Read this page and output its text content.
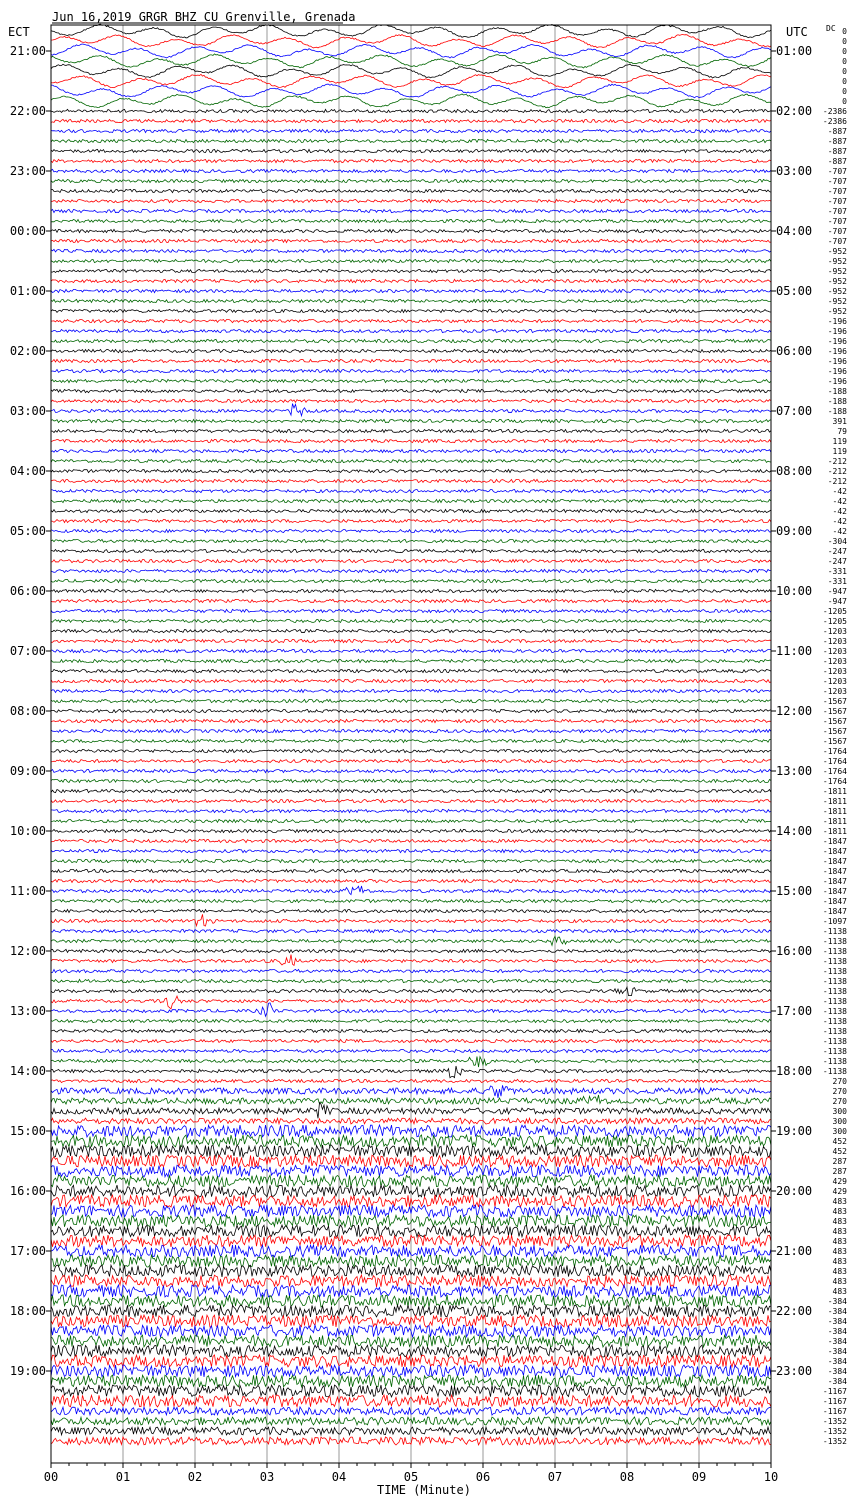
Jun 16,2019 GRGR BHZ CU Grenville, Grenada
ECT	UTC DC
21:00
22:00
23:00
00:00
01:00
02:00
03:00
04:00
05:00
06:00
07:00
08:00
09:00
10:00
11:00
12:00
13:00
14:00
15:00
16:00
17:00
18:00
19:00
01:00
02:00
03:00
04:00
05:00
06:00
07:00
08:00
09:00
10:00
11:00
12:00
13:00
14:00
15:00
16:00
17:00
18:00
19:00
20:00
21:00
22:00
23:00
0
0
0
0
0
0
0
0
-2386
-2386
-887
-887
-887
-887
-707
-707
-707
-707
-707
-707
-707
-707
-952
-952
-952
-952
-952
-952
-952
-196
-196
-196
-196
-196
-196
-196
-188
-188
-188
391
79
119
119
-212
-212
-212
-42
-42
-42
-42
-42
-304
-247
-247
-331
-331
-947
-947
-1205
-1205
-1203
-1203
-1203
-1203
-1203
-1203
-1203
-1567
-1567
-1567
-1567
-1567
-1764
-1764
-1764
-1764
-1811
-1811
-1811
-1811
-1811
-1847
-1847
-1847
-1847
-1847
-1847
-1847
-1847
-1097
-1138
-1138
-1138
-1138
-1138
-1138
-1138
-1138
-1138
-1138
-1138
-1138
-1138
-1138
-1138
270
270
270
300
300
300
452
452
287
287
429
429
483
483
483
483
483
483
483
483
483
483
-384
-384
-384
-384
-384
-384
-384
-384
-384
-1167
-1167
-1167
-1352
-1352
-1352
00	01	02	03	04	05	06	07	08	09	10
TIME (Minute)
